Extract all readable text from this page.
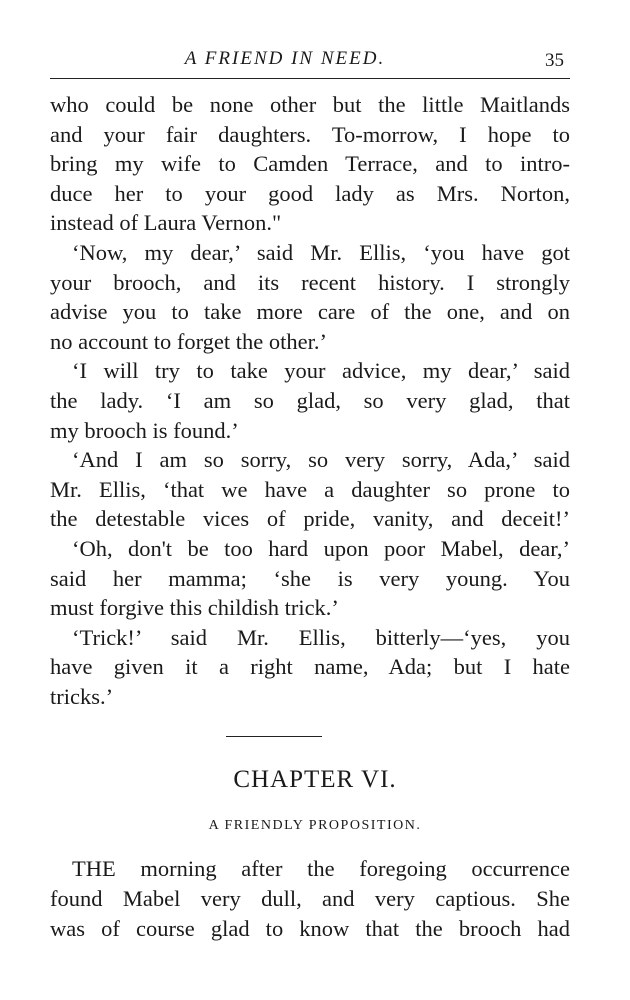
A FRIEND IN NEED.	35
who could be none other but the little Maitlands
and your fair daughters. To-morrow, I hope to
bring my wife to Camden Terrace, and to intro-
duce her to your good lady as Mrs. Norton,
instead of Laura Vernon."
‘Now, my dear,’ said Mr. Ellis, ‘you have got
your brooch, and its recent history. I strongly
advise you to take more care of the one, and on
no account to forget the other.’
‘I will try to take your advice, my dear,’ said
the lady. ‘I am so glad, so very glad, that
my brooch is found.’
‘And I am so sorry, so very sorry, Ada,’ said
Mr. Ellis, ‘that we have a daughter so prone to
the detestable vices of pride, vanity, and deceit!’
‘Oh, don't be too hard upon poor Mabel, dear,’
said her mamma; ‘she is very young. You
must forgive this childish trick.’
‘Trick!’ said Mr. Ellis, bitterly—‘yes, you
have given it a right name, Ada; but I hate
tricks.’
CHAPTER VI.
A FRIENDLY PROPOSITION.
THE morning after the foregoing occurrence
found Mabel very dull, and very captious. She
was of course glad to know that the brooch had
